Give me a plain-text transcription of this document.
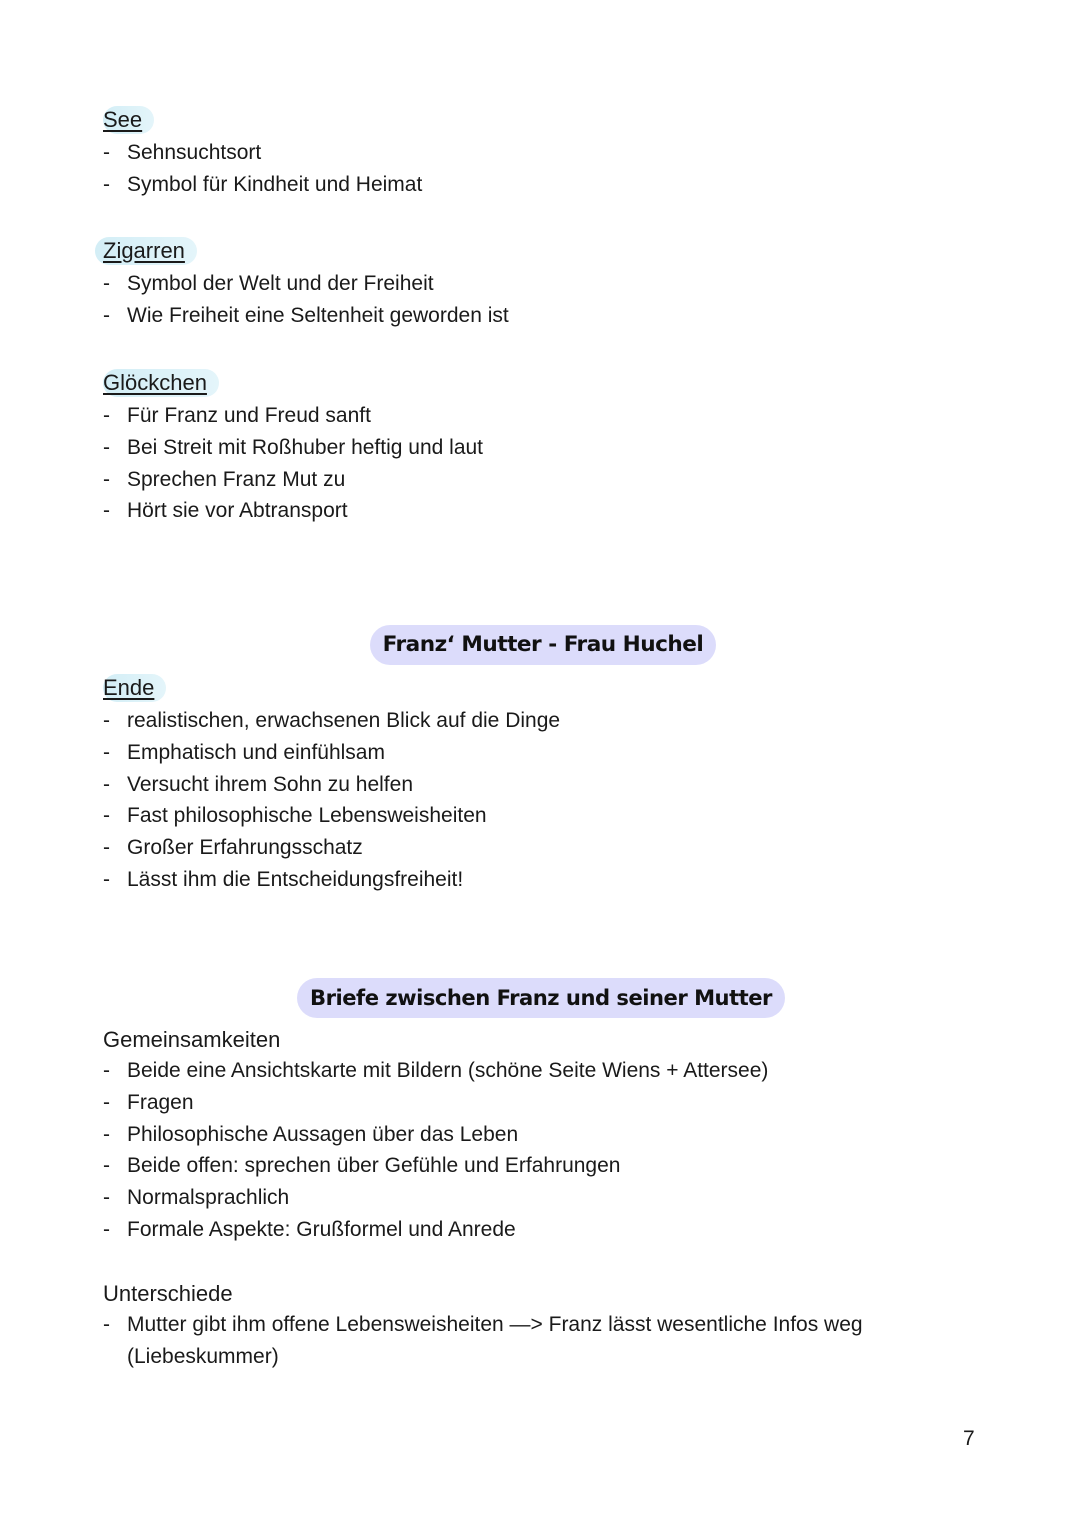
See
- Sehnsuchtsort
- Symbol für Kindheit und Heimat
Zigarren
- Symbol der Welt und der Freiheit
- Wie Freiheit eine Seltenheit geworden ist
Glöckchen
- Für Franz und Freud sanft
- Bei Streit mit Roßhuber heftig und laut
- Sprechen Franz Mut zu
- Hört sie vor Abtransport
Franz‘ Mutter - Frau Huchel
Ende
- realistischen, erwachsenen Blick auf die Dinge
- Emphatisch und einfühlsam
- Versucht ihrem Sohn zu helfen
- Fast philosophische Lebensweisheiten
- Großer Erfahrungsschatz
- Lässt ihm die Entscheidungsfreiheit!
Briefe zwischen Franz und seiner Mutter
Gemeinsamkeiten
- Beide eine Ansichtskarte mit Bildern (schöne Seite Wiens + Attersee)
- Fragen
- Philosophische Aussagen über das Leben
- Beide offen: sprechen über Gefühle und Erfahrungen
- Normalsprachlich
- Formale Aspekte: Grußformel und Anrede
Unterschiede
- Mutter gibt ihm offene Lebensweisheiten —> Franz lässt wesentliche Infos weg
(Liebeskummer)
7
